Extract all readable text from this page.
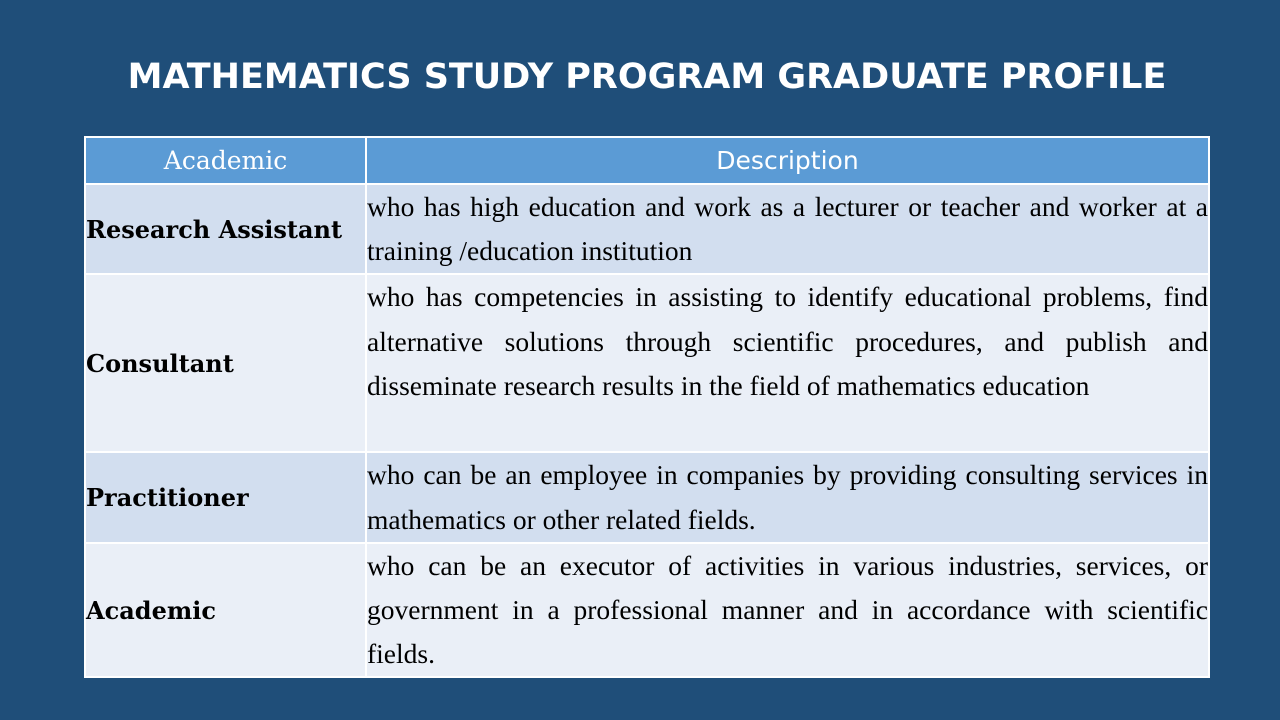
MATHEMATICS STUDY PROGRAM GRADUATE PROFILE
Academic	Description
Research Assistant	who has high education and work as a lecturer or teacher and worker at a training /education institution
Consultant	who has competencies in assisting to identify educational problems, find alternative solutions through scientific procedures, and publish and disseminate research results in the field of mathematics education
Practitioner	who can be an employee in companies by providing consulting services in mathematics or other related fields.
Academic	who can be an executor of activities in various industries, services, or government in a professional manner and in accordance with scientific fields.
